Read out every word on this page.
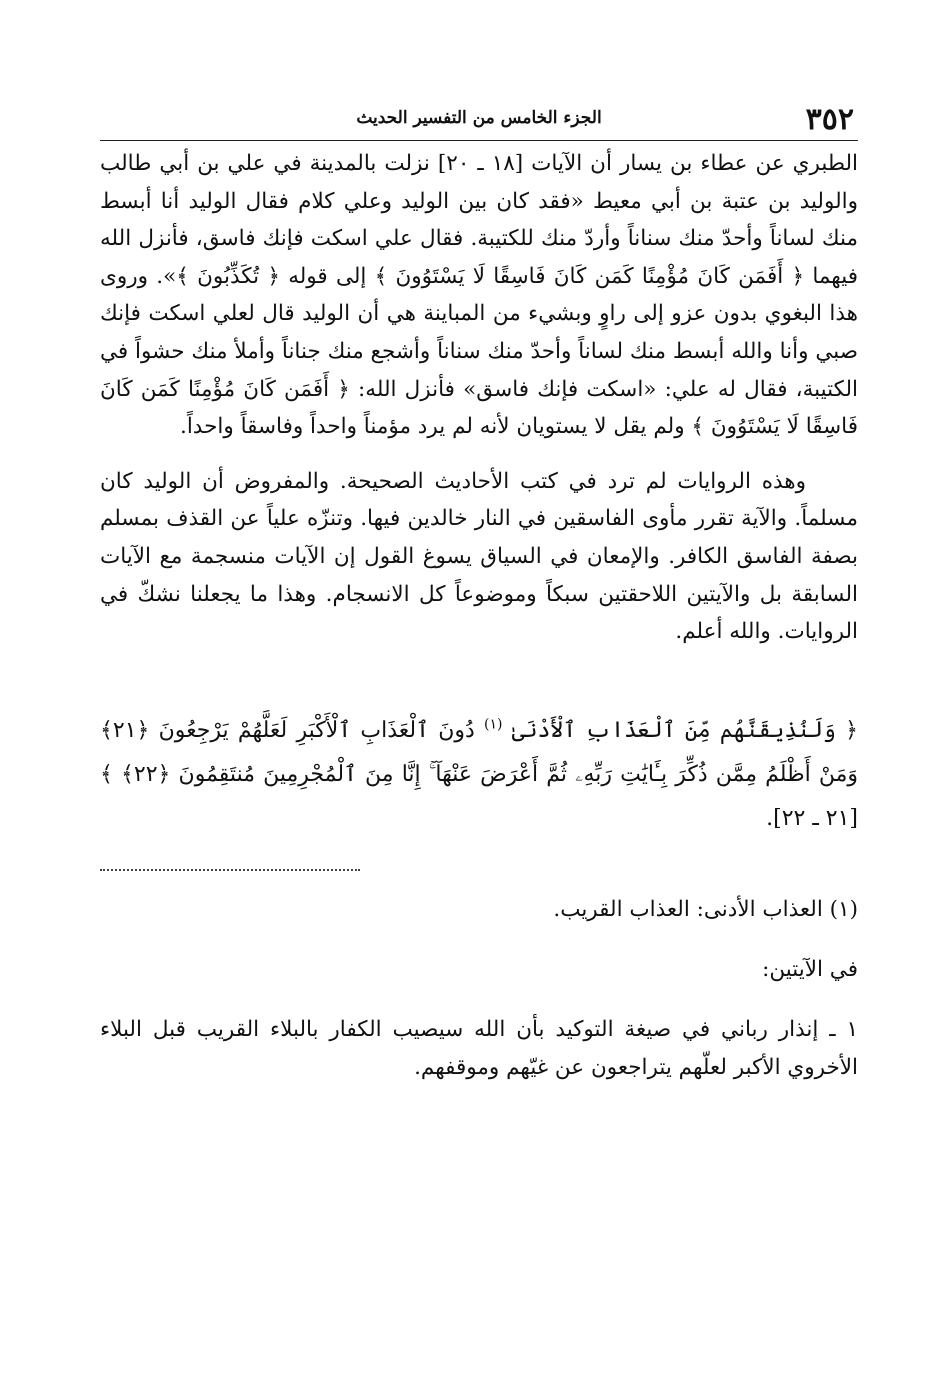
٣٥٢
الجزء الخامس من التفسير الحديث

الطبري عن عطاء بن يسار أن الآيات [١٨ ـ ٢٠] نزلت بالمدينة في علي بن أبي طالب والوليد بن عتبة بن أبي معيط «فقد كان بين الوليد وعلي كلام فقال الوليد أنا أبسط منك لساناً وأحدّ منك سناناً وأردّ منك للكتيبة. فقال علي اسكت فإنك فاسق، فأنزل الله فيهما ﴿ أَفَمَن كَانَ مُؤْمِنًا كَمَن كَانَ فَاسِقًا لَا يَسْتَوُونَ ﴾ إلى قوله ﴿ تُكَذِّبُونَ ﴾». وروى هذا البغوي بدون عزو إلى راوٍ وبشيء من المباينة هي أن الوليد قال لعلي اسكت فإنك صبي وأنا والله أبسط منك لساناً وأحدّ منك سناناً وأشجع منك جناناً وأملأ منك حشواً في الكتيبة، فقال له علي: «اسكت فإنك فاسق» فأنزل الله: ﴿ أَفَمَن كَانَ مُؤْمِنًا كَمَن كَانَ فَاسِقًا لَا يَسْتَوُونَ ﴾ ولم يقل لا يستويان لأنه لم يرد مؤمناً واحداً وفاسقاً واحداً.

وهذه الروايات لم ترد في كتب الأحاديث الصحيحة. والمفروض أن الوليد كان مسلماً. والآية تقرر مأوى الفاسقين في النار خالدين فيها. وتنزّه علياً عن القذف بمسلم بصفة الفاسق الكافر. والإمعان في السياق يسوغ القول إن الآيات منسجمة مع الآيات السابقة بل والآيتين اللاحقتين سبكاً وموضوعاً كل الانسجام. وهذا ما يجعلنا نشكّ في الروايات. والله أعلم.

﴿ وَلَنُذِيقَنَّهُم مِّنَ ٱلْعَذَابِ ٱلْأَدْنَىٰ $^{(١)}$ دُونَ ٱلْعَذَابِ ٱلْأَكْبَرِ لَعَلَّهُمْ يَرْجِعُونَ ﴿٢١﴾ وَمَنْ أَظْلَمُ مِمَّن ذُكِّرَ بِـَٔايَٰتِ رَبِّهِۦ ثُمَّ أَعْرَضَ عَنْهَآ ۚ إِنَّا مِنَ ٱلْمُجْرِمِينَ مُنتَقِمُونَ ﴿٢٢﴾ ﴾ [٢١ ـ ٢٢].

(١) العذاب الأدنى: العذاب القريب.
في الآيتين:

١ ـ إنذار رباني في صيغة التوكيد بأن الله سيصيب الكفار بالبلاء القريب قبل البلاء الأخروي الأكبر لعلّهم يتراجعون عن غيّهم وموقفهم.
